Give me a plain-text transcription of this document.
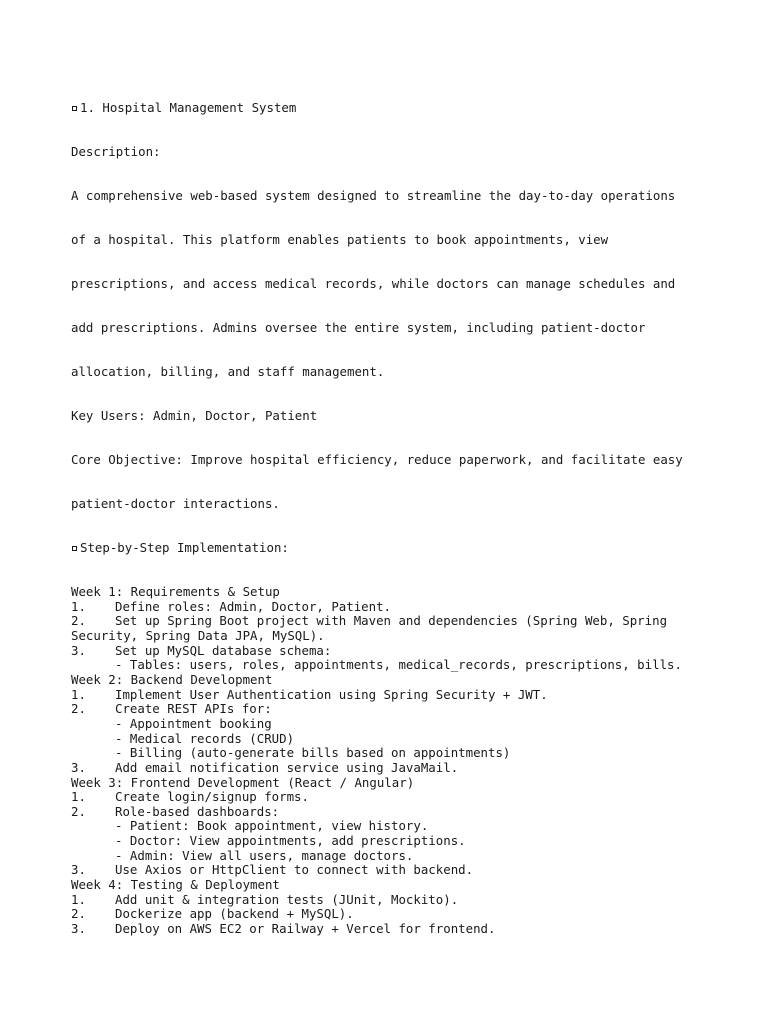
1. Hospital Management System

Description:

A comprehensive web-based system designed to streamline the day-to-day operations

of a hospital. This platform enables patients to book appointments, view

prescriptions, and access medical records, while doctors can manage schedules and

add prescriptions. Admins oversee the entire system, including patient-doctor

allocation, billing, and staff management.

Key Users: Admin, Doctor, Patient

Core Objective: Improve hospital efficiency, reduce paperwork, and facilitate easy

patient-doctor interactions.

Step-by-Step Implementation:

Week 1: Requirements & Setup
1. Define roles: Admin, Doctor, Patient.
2. Set up Spring Boot project with Maven and dependencies (Spring Web, Spring
Security, Spring Data JPA, MySQL).
3. Set up MySQL database schema:
- Tables: users, roles, appointments, medical_records, prescriptions, bills.
Week 2: Backend Development
1. Implement User Authentication using Spring Security + JWT.
2. Create REST APIs for:
- Appointment booking
- Medical records (CRUD)
- Billing (auto-generate bills based on appointments)
3. Add email notification service using JavaMail.
Week 3: Frontend Development (React / Angular)
1. Create login/signup forms.
2. Role-based dashboards:
- Patient: Book appointment, view history.
- Doctor: View appointments, add prescriptions.
- Admin: View all users, manage doctors.
3. Use Axios or HttpClient to connect with backend.
Week 4: Testing & Deployment
1. Add unit & integration tests (JUnit, Mockito).
2. Dockerize app (backend + MySQL).
3. Deploy on AWS EC2 or Railway + Vercel for frontend.
